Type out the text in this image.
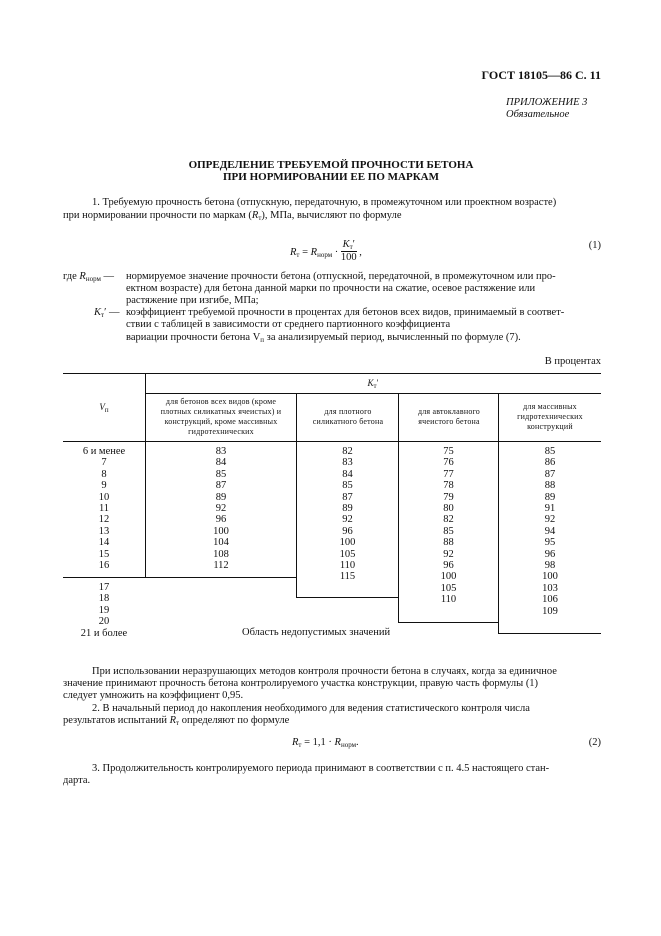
ГОСТ 18105—86 С. 11
ПРИЛОЖЕНИЕ 3
Обязательное
ОПРЕДЕЛЕНИЕ ТРЕБУЕМОЙ ПРОЧНОСТИ БЕТОНА
ПРИ НОРМИРОВАНИИ ЕЕ ПО МАРКАМ
1. Требуемую прочность бетона (отпускную, передаточную, в промежуточном или проектном возрасте)
при нормировании прочности по маркам $(R_т)$, МПа, вычисляют по формуле
$R_т = R_{норм}$ ·
$K_т'$
100 ,
(1)
где $R_{норм}$ — нормируемое значение прочности бетона (отпускной, передаточной, в промежуточном или про-
ектном возрасте) для бетона данной марки по прочности на сжатие, осевое растяжение или
растяжение при изгибе, МПа;
$K_т'$ — коэффициент требуемой прочности в процентах для бетонов всех видов, принимаемый в соответ-
ствии с таблицей в зависимости от среднего партионного коэффициента
вариации прочности бетона $V_п$ за анализируемый период, вычисленный по формуле (7).
В процентах
$V_п$
$K_т'$
для бетонов всех видов (кроме плотных силикатных ячеистых) и конструкций, кроме массивных гидротехнических
для плотного силикатного бетона
для автоклавного ячеистого бетона
для массивных гидротехнических конструкций
6 и менее
7
8
9
10
11
12
13
14
15
16
17
18
19
20
21 и более
83
84
85
87
89
92
96
100
104
108
112
82
83
84
85
87
89
92
96
100
105
110
115
75
76
77
78
79
80
82
85
88
92
96
100
105
110
85
86
87
88
89
91
92
94
95
96
98
100
103
106
109
Область недопустимых значений
При использовании неразрушающих методов контроля прочности бетона в случаях, когда за единичное
значение принимают прочность бетона контролируемого участка конструкции, правую часть формулы (1)
следует умножить на коэффициент 0,95.
2. В начальный период до накопления необходимого для ведения статистического контроля числа
результатов испытаний $R_т$ определяют по формуле
$R_т = 1,1 \cdot R_{норм}$.	(2)
3. Продолжительность контролируемого периода принимают в соответствии с п. 4.5 настоящего стан-
дарта.
